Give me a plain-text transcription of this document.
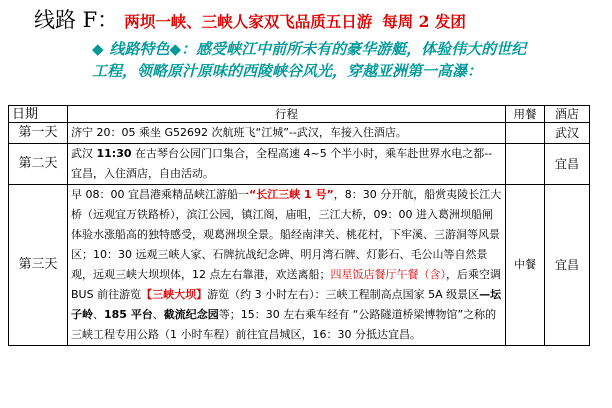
线路 F： 两坝一峡、三峡人家双飞品质五日游 每周 2 发团
◆ 线路特色◆：感受峡江中前所未有的豪华游艇，体验伟大的世纪工程，领略原汁原味的西陵峡谷风光，穿越亚洲第一高瀑：
日期	行程	用餐	酒店
第一天	济宁 20：05 乘坐 G52692 次航班飞“江城”--武汉，车接入住酒店。		武汉
第二天	武汉 11:30 在古琴台公园门口集合，全程高速 4~5 个半小时，乘车赴世界水电之都--宜昌，入住酒店，自由活动。		宜昌
第三天	早 08：00 宜昌港乘精品峡江游船一“长江三峡 1 号”，8：30 分开航，船赏夷陵长江大桥（远观宜万铁路桥），滨江公园，镇江阁，庙咀，三江大桥，09：00 进入葛洲坝船闸体验水涨船高的独特感受，观葛洲坝全景。船经南津关、桃花村，下牢溪、三游洞等风景区；10：30 远观三峡人家、石牌抗战纪念碑、明月湾石牌、灯影石、毛公山等自然景观，远观三峡大坝坝体，12 点左右靠港，欢送离船；四星饭店餐厅午餐（含），后乘空调 BUS 前往游览【三峡大坝】游览（约 3 小时左右）：三峡工程制高点国家 5A 级景区—坛子岭、185 平台、截流纪念园等；15：30 左右乘车经有 “公路隧道桥梁博物馆”之称的三峡工程专用公路（1 小时车程）前往宜昌城区，16：30 分抵达宜昌。	中餐	宜昌
